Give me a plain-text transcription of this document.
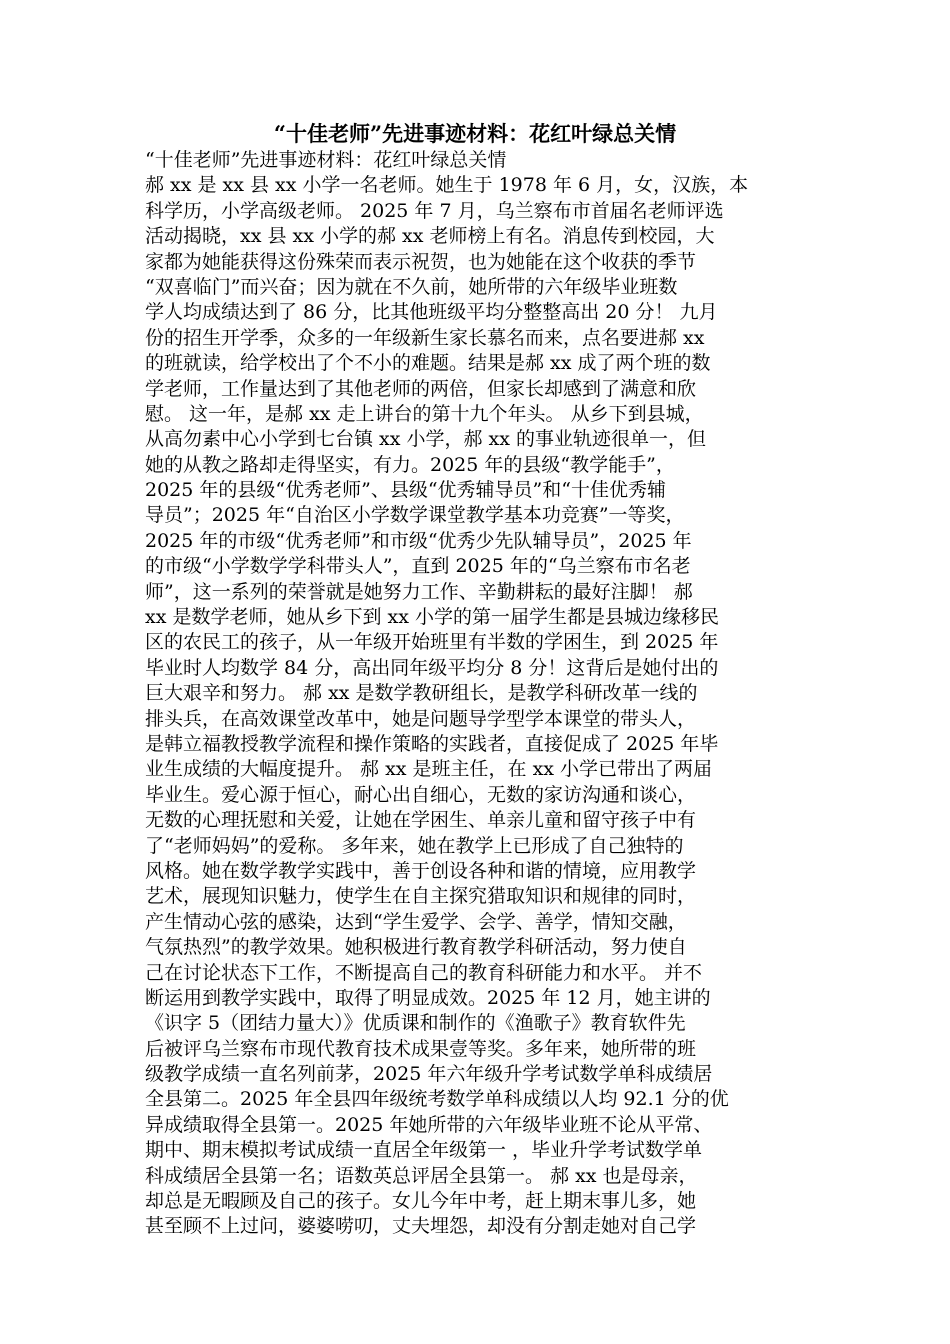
“十佳老师”先进事迹材料：花红叶绿总关情
“十佳老师”先进事迹材料：花红叶绿总关情
郝 xx 是 xx 县 xx 小学一名老师。她生于 1978 年 6 月，女，汉族，本
科学历，小学高级老师。 2025 年 7 月，乌兰察布市首届名老师评选
活动揭晓，xx 县 xx 小学的郝 xx 老师榜上有名。消息传到校园，大
家都为她能获得这份殊荣而表示祝贺，也为她能在这个收获的季节
“双喜临门”而兴奋；因为就在不久前，她所带的六年级毕业班数
学人均成绩达到了 86 分，比其他班级平均分整整高出 20 分！ 九月
份的招生开学季，众多的一年级新生家长慕名而来，点名要进郝 xx
的班就读，给学校出了个不小的难题。结果是郝 xx 成了两个班的数
学老师，工作量达到了其他老师的两倍，但家长却感到了满意和欣
慰。 这一年，是郝 xx 走上讲台的第十九个年头。 从乡下到县城，
从高勿素中心小学到七台镇 xx 小学，郝 xx 的事业轨迹很单一，但
她的从教之路却走得坚实，有力。2025 年的县级“教学能手”，
2025 年的县级“优秀老师”、县级“优秀辅导员”和“十佳优秀辅
导员”；2025 年“自治区小学数学课堂教学基本功竞赛”一等奖，
2025 年的市级“优秀老师”和市级“优秀少先队辅导员”，2025 年
的市级“小学数学学科带头人”，直到 2025 年的“乌兰察布市名老
师”，这一系列的荣誉就是她努力工作、辛勤耕耘的最好注脚！ 郝
xx 是数学老师，她从乡下到 xx 小学的第一届学生都是县城边缘移民
区的农民工的孩子，从一年级开始班里有半数的学困生，到 2025 年
毕业时人均数学 84 分，高出同年级平均分 8 分！这背后是她付出的
巨大艰辛和努力。 郝 xx 是数学教研组长，是教学科研改革一线的
排头兵，在高效课堂改革中，她是问题导学型学本课堂的带头人，
是韩立福教授教学流程和操作策略的实践者，直接促成了 2025 年毕
业生成绩的大幅度提升。 郝 xx 是班主任，在 xx 小学已带出了两届
毕业生。爱心源于恒心，耐心出自细心，无数的家访沟通和谈心，
无数的心理抚慰和关爱，让她在学困生、单亲儿童和留守孩子中有
了“老师妈妈”的爱称。 多年来，她在教学上已形成了自己独特的
风格。她在数学教学实践中，善于创设各种和谐的情境，应用教学
艺术，展现知识魅力，使学生在自主探究猎取知识和规律的同时，
产生情动心弦的感染，达到“学生爱学、会学、善学，情知交融，
气氛热烈”的教学效果。她积极进行教育教学科研活动，努力使自
己在讨论状态下工作，不断提高自己的教育科研能力和水平。 并不
断运用到教学实践中，取得了明显成效。2025 年 12 月，她主讲的
《识字 5（团结力量大）》优质课和制作的《渔歌子》教育软件先
后被评乌兰察布市现代教育技术成果壹等奖。多年来，她所带的班
级教学成绩一直名列前茅，2025 年六年级升学考试数学单科成绩居
全县第二。2025 年全县四年级统考数学单科成绩以人均 92.1 分的优
异成绩取得全县第一。2025 年她所带的六年级毕业班不论从平常、
期中、期末模拟考试成绩一直居全年级第一 ，毕业升学考试数学单
科成绩居全县第一名；语数英总评居全县第一。 郝 xx 也是母亲，
却总是无暇顾及自己的孩子。女儿今年中考，赶上期末事儿多，她
甚至顾不上过问，婆婆唠叨，丈夫埋怨，却没有分割走她对自己学
